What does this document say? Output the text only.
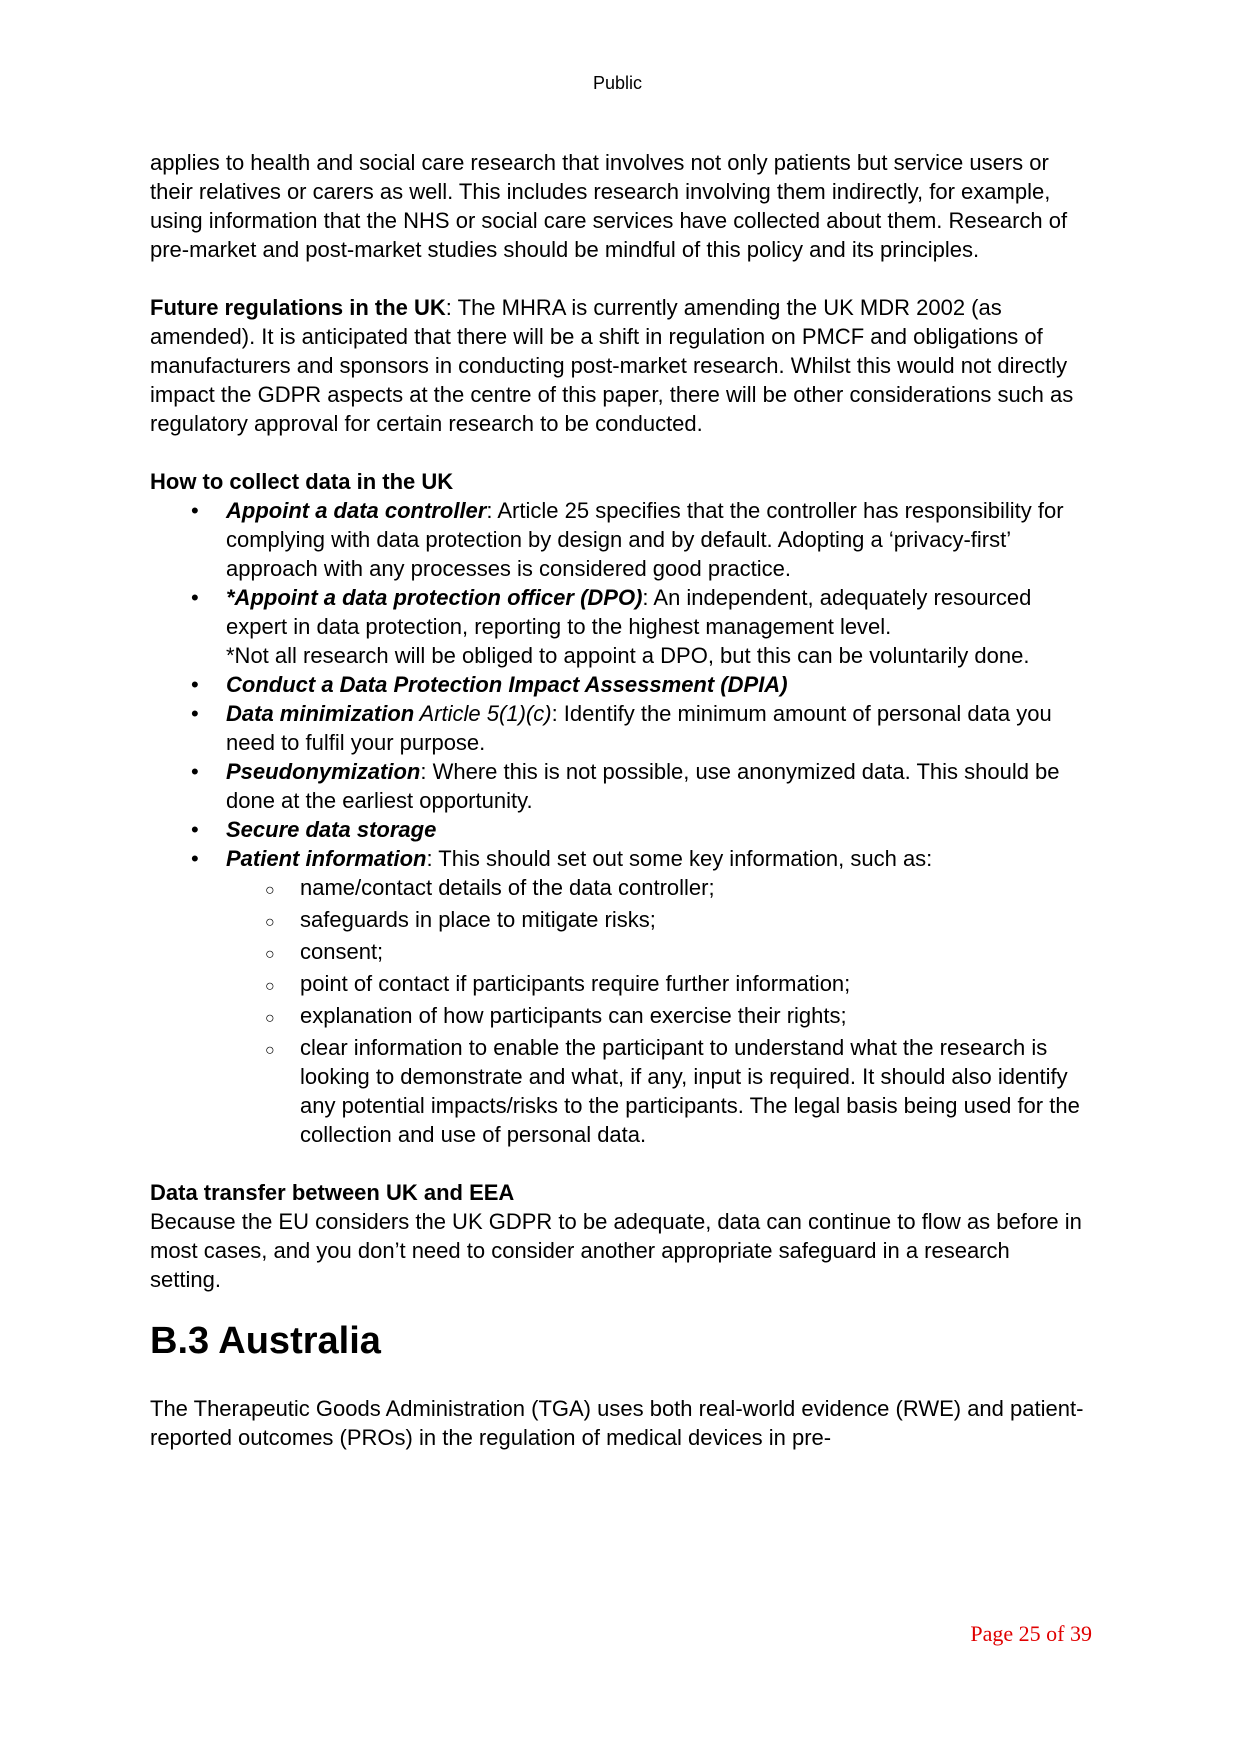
Public

applies to health and social care research that involves not only patients but service users or their relatives or carers as well. This includes research involving them indirectly, for example, using information that the NHS or social care services have collected about them. Research of pre-market and post-market studies should be mindful of this policy and its principles.

Future regulations in the UK: The MHRA is currently amending the UK MDR 2002 (as amended). It is anticipated that there will be a shift in regulation on PMCF and obligations of manufacturers and sponsors in conducting post-market research. Whilst this would not directly impact the GDPR aspects at the centre of this paper, there will be other considerations such as regulatory approval for certain research to be conducted.

How to collect data in the UK

•	Appoint a data controller: Article 25 specifies that the controller has responsibility for complying with data protection by design and by default. Adopting a ‘privacy-first’ approach with any processes is considered good practice.
•	*Appoint a data protection officer (DPO): An independent, adequately resourced expert in data protection, reporting to the highest management level.
*Not all research will be obliged to appoint a DPO, but this can be voluntarily done.
•	Conduct a Data Protection Impact Assessment (DPIA)
•	Data minimization Article 5(1)(c): Identify the minimum amount of personal data you need to fulfil your purpose.
•	Pseudonymization: Where this is not possible, use anonymized data. This should be done at the earliest opportunity.
•	Secure data storage
•	Patient information: This should set out some key information, such as:
○	name/contact details of the data controller;
○	safeguards in place to mitigate risks;
○	consent;
○	point of contact if participants require further information;
○	explanation of how participants can exercise their rights;
○	clear information to enable the participant to understand what the research is looking to demonstrate and what, if any, input is required. It should also identify any potential impacts/risks to the participants. The legal basis being used for the collection and use of personal data.

Data transfer between UK and EEA

Because the EU considers the UK GDPR to be adequate, data can continue to flow as before in most cases, and you don’t need to consider another appropriate safeguard in a research setting.

B.3 Australia

The Therapeutic Goods Administration (TGA) uses both real-world evidence (RWE) and patient-reported outcomes (PROs) in the regulation of medical devices in pre-

Page 25 of 39
